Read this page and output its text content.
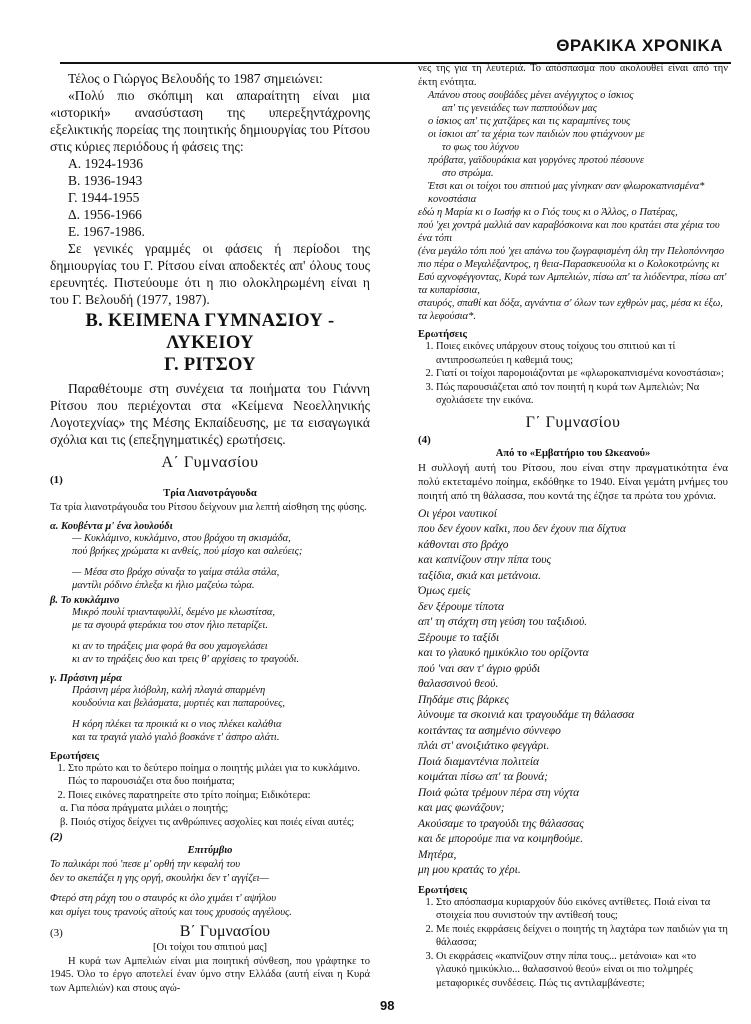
ΘΡΑΚΙΚΑ ΧΡΟΝΙΚΑ

Τέλος ο Γιώργος Βελουδής το 1987 σημειώνει:

«Πολύ πιο σκόπιμη και απαραίτητη είναι μια «ιστορική» ανασύσταση της υπερεξηντάχρονης εξελικτικής πορείας της ποιητικής δημιουργίας του Ρίτσου στις κύριες περιόδους ή φάσεις της:

Α. 1924-1936
Β. 1936-1943
Γ. 1944-1955
Δ. 1956-1966
Ε. 1967-1986.

Σε γενικές γραμμές οι φάσεις ή περίοδοι της δημιουργίας του Γ. Ρίτσου είναι αποδεκτές απ' όλους τους ερευνητές. Πιστεύουμε ότι η πιο ολοκληρωμένη είναι η του Γ. Βελουδή (1977, 1987).

Β. ΚΕΙΜΕΝΑ ΓΥΜΝΑΣΙΟΥ - ΛΥΚΕΙΟΥ
Γ. ΡΙΤΣΟΥ

Παραθέτουμε στη συνέχεια τα ποιήματα του Γιάννη Ρίτσου που περιέχονται στα «Κείμενα Νεοελληνικής Λογοτεχνίας» της Μέσης Εκπαίδευσης, με τα εισαγωγικά σχόλια και τις (επεξηγηματικές) ερωτήσεις.

Α΄ Γυμνασίου
(1)
Τρία Λιανοτράγουδα

Τα τρία λιανοτράγουδα του Ρίτσου δείχνουν μια λεπτή αίσθηση της φύσης.

α. Κουβέντα μ' ένα λουλούδι
— Κυκλάμινο, κυκλάμινο, στου βράχου τη σκισμάδα,
πού βρήκες χρώματα κι ανθείς, πού μίσχο και σαλεύεις;
— Μέσα στο βράχο σύναξα το γαίμα στάλα στάλα,
μαντίλι ρόδινο έπλεξα κι ήλιο μαζεύω τώρα.
β. Το κυκλάμινο
Μικρό πουλί τριανταφυλλί, δεμένο με κλωστίτσα,
με τα σγουρά φτεράκια του στον ήλιο πεταρίζει.
κι αν το τηράξεις μια φορά θα σου χαμογελάσει
κι αν το τηράξεις δυο και τρεις θ' αρχίσεις το τραγούδι.
γ. Πράσινη μέρα
Πράσινη μέρα λιόβολη, καλή πλαγιά σπαρμένη
κουδούνια και βελάσματα, μυρτιές και παπαρούνες,
Η κόρη πλέκει τα προικιά κι ο νιος πλέκει καλάθια
και τα τραγιά γιαλό γιαλό βοσκάνε τ' άσπρο αλάτι.
Ερωτήσεις
1. Στο πρώτο και το δεύτερο ποίημα ο ποιητής μιλάει για το κυκλάμινο. Πώς το παρουσιάζει στα δυο ποιήματα;
2. Ποιες εικόνες παρατηρείτε στο τρίτο ποίημα; Ειδικότερα:
α. Για πόσα πράγματα μιλάει ο ποιητής;
β. Ποιός στίχος δείχνει τις ανθρώπινες ασχολίες και ποιές είναι αυτές;
(2)
Επιτύμβιο
Το παλικάρι πού 'πεσε μ' ορθή την κεφαλή του
δεν το σκεπάζει η γης οργή, σκουλήκι δεν τ' αγγίζει—
Φτερό στη ράχη του ο σταυρός κι όλο χιμάει τ' αψήλου
και σμίγει τους τρανούς αϊτούς και τους χρυσούς αγγέλους.
(3)	Β΄ Γυμνασίου
[Οι τοίχοι του σπιτιού μας]

Η κυρά των Αμπελιών είναι μια ποιητική σύνθεση, που γράφτηκε το 1945. Όλο το έργο αποτελεί έναν ύμνο στην Ελλάδα (αυτή είναι η Κυρά των Αμπελιών) και στους αγώ-

νες της για τη λευτεριά. Το απόσπασμα που ακολουθεί είναι από την έκτη ενότητα.

Απάνου στους σουβάδες μένει ανέγγιχτος ο ίσκιος
απ' τις γενειάδες των παππούδων μας
ο ίσκιος απ' τις χατζάρες και τις καραμπίνες τους
οι ίσκιοι απ' τα χέρια των παιδιών που φτιάχνουν με
το φως του λύχνου
πρόβατα, γαϊδουράκια και γοργόνες προτού πέσουνε
στο στρώμα.
Έτσι και οι τοίχοι του σπιτιού μας γίνηκαν σαν φλωροκαπνισμένα* κονοστάσια
εδώ η Μαρία κι ο Ιωσήφ κι ο Γιός τους κι ο Άλλος, ο Πατέρας,
πού 'χει χοντρά μαλλιά σαν καραβόσκοινα και που κρατάει στα χέρια του ένα τόπι
(ένα μεγάλο τόπι πού 'χει απάνω του ζωγραφισμένη όλη την Πελοπόννησο
πιο πέρα ο Μεγαλέξαντρος, η θεια-Παρασκευούλα κι ο Κολοκοτρώνης κι Εσύ αχνοφέγγοντας, Κυρά των Αμπελιών, πίσω απ' τα λιόδεντρα, πίσω απ' τα κυπαρίσσια,
σταυρός, σπαθί και δόξα, αγνάντια σ' όλων των εχθρών μας, μέσα κι έξω, τα λεφούσια*.
Ερωτήσεις
1. Ποιες εικόνες υπάρχουν στους τοίχους του σπιτιού και τί αντιπροσωπεύει η καθεμιά τους;
2. Γιατί οι τοίχοι παρομοιάζονται με «φλωροκαπνισμένα κονοστάσια»;
3. Πώς παρουσιάζεται από τον ποιητή η κυρά των Αμπελιών; Να σχολιάσετε την εικόνα.
Γ΄ Γυμνασίου
(4)
Από το «Εμβατήριο του Ωκεανού»

Η συλλογή αυτή του Ρίτσου, που είναι στην πραγματικότητα ένα πολύ εκτεταμένο ποίημα, εκδόθηκε το 1940. Είναι γεμάτη μνήμες του ποιητή από τη θάλασσα, που κοντά της έζησε τα πρώτα του χρόνια.

Οι γέροι ναυτικοί
που δεν έχουν καΐκι, που δεν έχουν πια δίχτυα
κάθονται στο βράχο
και καπνίζουν στην πίπα τους
ταξίδια, σκιά και μετάνοια.
Όμως εμείς
δεν ξέρουμε τίποτα
απ' τη στάχτη στη γεύση του ταξιδιού.
Ξέρουμε το ταξίδι
και το γλαυκό ημικύκλιο του ορίζοντα
πού 'ναι σαν τ' άγριο φρύδι
θαλασσινού θεού.
Πηδάμε στις βάρκες
λύνουμε τα σκοινιά και τραγουδάμε τη θάλασσα
κοιτάντας τα ασημένιο σύννεφο
πλάι στ' ανοιξιάτικο φεγγάρι.
Ποιά διαμαντένια πολιτεία
κοιμάται πίσω απ' τα βουνά;
Ποιά φώτα τρέμουν πέρα στη νύχτα
και μας φωνάζουν;
Ακούσαμε το τραγούδι της θάλασσας
και δε μπορούμε πια να κοιμηθούμε.
Μητέρα,
μη μου κρατάς το χέρι.
Ερωτήσεις
1. Στο απόσπασμα κυριαρχούν δύο εικόνες αντίθετες. Ποιά είναι τα στοιχεία που συνιστούν την αντίθεσή τους;
2. Με ποιές εκφράσεις δείχνει ο ποιητής τη λαχτάρα των παιδιών για τη θάλασσα;
3. Οι εκφράσεις «καπνίζουν στην πίπα τους... μετάνοια» και «το γλαυκό ημικύκλιο... θαλασσινού θεού» είναι οι πιο τολμηρές μεταφορικές συνδέσεις. Πώς τις αντιλαμβάνεστε;
98
